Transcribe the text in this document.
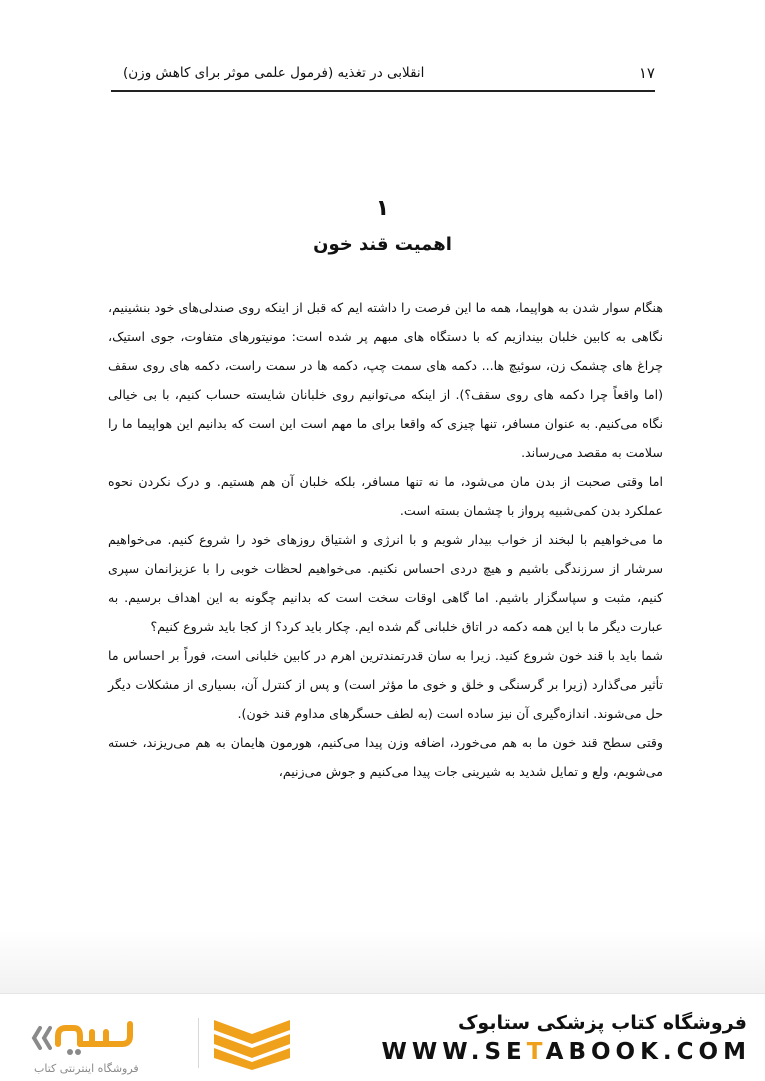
۱۷
انقلابی در تغذیه (فرمول علمی موثر برای کاهش وزن)
۱
اهمیت قند خون

هنگام سوار شدن به هواپیما، همه ما این فرصت را داشته ایم که قبل از اینکه روی صندلی‌های خود بنشینیم، نگاهی به کابین خلبان بیندازیم که با دستگاه های مبهم پر شده است: مونیتورهای متفاوت، جوی استیک، چراغ های چشمک زن، سوئیچ ها... دکمه های سمت چپ، دکمه ها در سمت راست، دکمه های روی سقف (اما واقعاً چرا دکمه های روی سقف؟). از اینکه می‌توانیم روی خلبانان شایسته حساب کنیم، با بی خیالی نگاه می‌کنیم. به عنوان مسافر، تنها چیزی که واقعا برای ما مهم است این است که بدانیم این هواپیما ما را سلامت به مقصد می‌رساند.

اما وقتی صحبت از بدن مان می‌شود، ما نه تنها مسافر، بلکه خلبان آن هم هستیم. و درک نکردن نحوه عملکرد بدن کمی‌شبیه پرواز با چشمان بسته است.

ما می‌خواهیم با لبخند از خواب بیدار شویم و با انرژی و اشتیاق روزهای خود را شروع کنیم. می‌خواهیم سرشار از سرزندگی باشیم و هیچ دردی احساس نکنیم. می‌خواهیم لحظات خوبی را با عزیزانمان سپری کنیم، مثبت و سپاسگزار باشیم. اما گاهی اوقات سخت است که بدانیم چگونه به این اهداف برسیم. به عبارت دیگر ما با این همه دکمه در اتاق خلبانی گم شده ایم. چکار باید کرد؟ از کجا باید شروع کنیم؟

شما باید با قند خون شروع کنید. زیرا به سان قدرتمندترین اهرم در کابین خلبانی است، فوراً بر احساس ما تأثیر می‌گذارد (زیرا بر گرسنگی و خلق و خوی ما مؤثر است) و پس از کنترل آن، بسیاری از مشکلات دیگر حل می‌شوند. اندازه‌گیری آن نیز ساده است (به لطف حسگرهای مداوم قند خون).

وقتی سطح قند خون ما به هم می‌خورد، اضافه وزن پیدا می‌کنیم، هورمون هایمان به هم می‌ریزند، خسته می‌شویم، ولع و تمایل شدید به شیرینی جات پیدا می‌کنیم و جوش می‌زنیم،

فروشگاه اینترنتی کتاب
فروشگاه کتاب پزشکی ستابوک
WWW.SETABOOK.COM
